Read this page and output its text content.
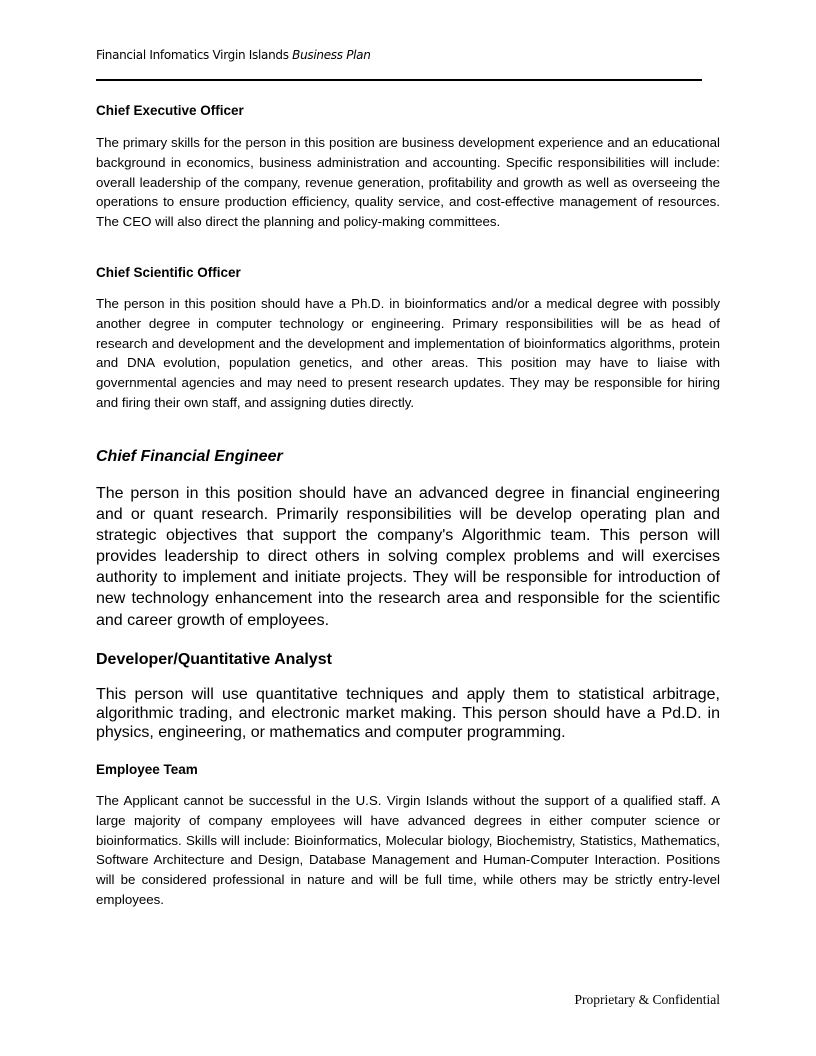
Financial Infomatics Virgin Islands Business Plan
Chief Executive Officer

The primary skills for the person in this position are business development experience and an educational background in economics, business administration and accounting. Specific responsibilities will include: overall leadership of the company, revenue generation, profitability and growth as well as overseeing the operations to ensure production efficiency, quality service, and cost-effective management of resources. The CEO will also direct the planning and policy-making committees.

Chief Scientific Officer

The person in this position should have a Ph.D. in bioinformatics and/or a medical degree with possibly another degree in computer technology or engineering. Primary responsibilities will be as head of research and development and the development and implementation of bioinformatics algorithms, protein and DNA evolution, population genetics, and other areas. This position may have to liaise with governmental agencies and may need to present research updates. They may be responsible for hiring and firing their own staff, and assigning duties directly.

Chief Financial Engineer

The person in this position should have an advanced degree in financial engineering and or quant research. Primarily responsibilities will be develop operating plan and strategic objectives that support the company's Algorithmic team. This person will provides leadership to direct others in solving complex problems and will exercises authority to implement and initiate projects. They will be responsible for introduction of new technology enhancement into the research area and responsible for the scientific and career growth of employees.

Developer/Quantitative Analyst

This person will use quantitative techniques and apply them to statistical arbitrage, algorithmic trading, and electronic market making. This person should have a Pd.D. in physics, engineering, or mathematics and computer programming.

Employee Team

The Applicant cannot be successful in the U.S. Virgin Islands without the support of a qualified staff. A large majority of company employees will have advanced degrees in either computer science or bioinformatics. Skills will include: Bioinformatics, Molecular biology, Biochemistry, Statistics, Mathematics, Software Architecture and Design, Database Management and Human-Computer Interaction. Positions will be considered professional in nature and will be full time, while others may be strictly entry-level employees.

Proprietary & Confidential
